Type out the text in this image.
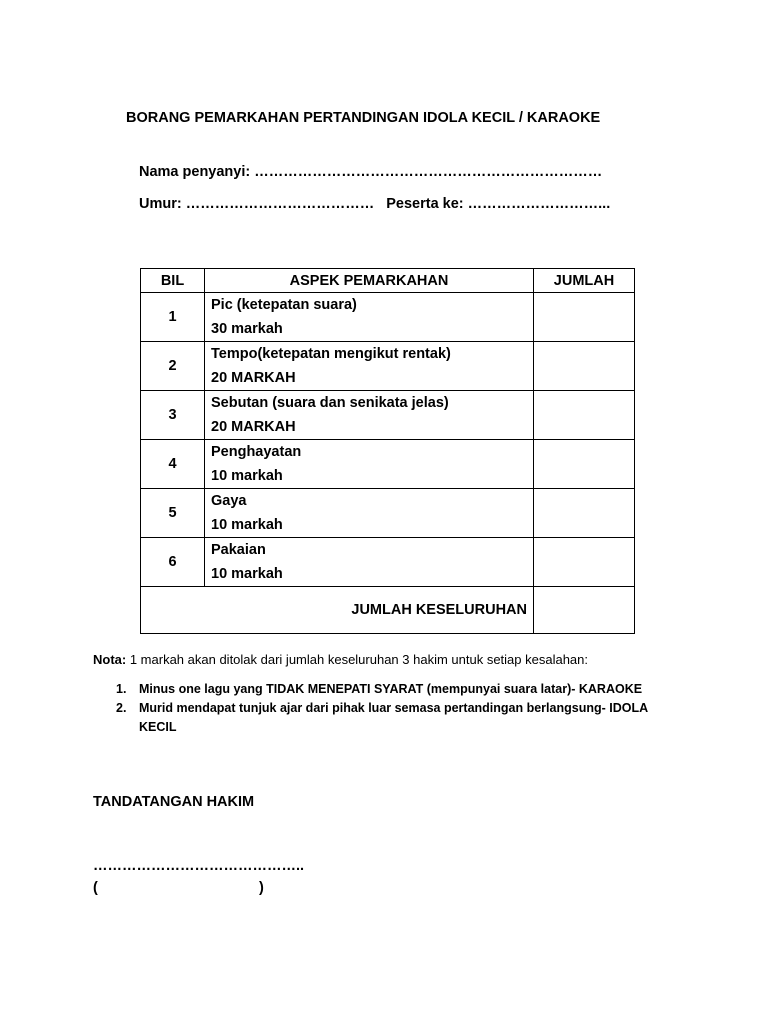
BORANG PEMARKAHAN PERTANDINGAN IDOLA KECIL / KARAOKE
Nama penyanyi: ………………………………………………………………
Umur: ………………………………… Peserta ke: ………………………...
BIL	ASPEK PEMARKAHAN	JUMLAH
1	Pic (ketepatan suara)
30 markah	

2	Tempo(ketepatan mengikut rentak)
20 MARKAH	

3	Sebutan (suara dan senikata jelas)
20 MARKAH	

4	Penghayatan
10 markah	

5	Gaya
10 markah	

6	Pakaian
10 markah	

JUMLAH KESELURUHAN		
Nota: 1 markah akan ditolak dari jumlah keseluruhan 3 hakim untuk setiap kesalahan:
1. Minus one lagu yang TIDAK MENEPATI SYARAT (mempunyai suara latar)- KARAOKE
2. Murid mendapat tunjuk ajar dari pihak luar semasa pertandingan berlangsung- IDOLA KECIL
TANDATANGAN HAKIM
……………………………………..
(                                        )
